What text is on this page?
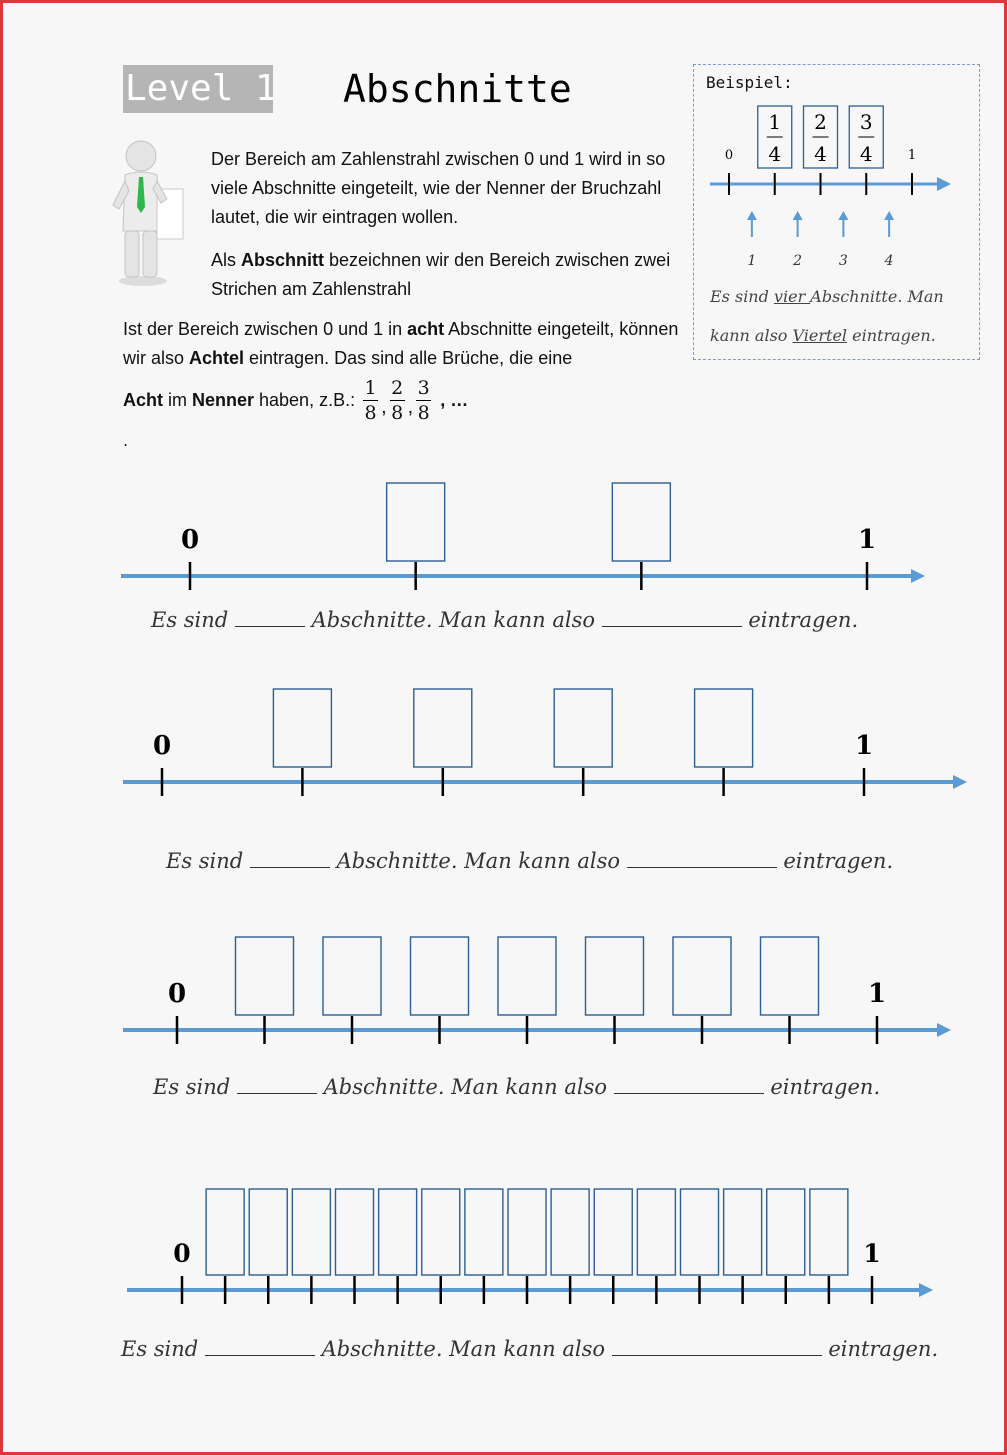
Level 1 Abschnitte

Der Bereich am Zahlenstrahl zwischen 0 und 1 wird in so viele Abschnitte eingeteilt, wie der Nenner der Bruchzahl lautet, die wir eintragen wollen.

Als Abschnitt bezeichnen wir den Bereich zwischen zwei Strichen am Zahlenstrahl

Ist der Bereich zwischen 0 und 1 in acht Abschnitte eingeteilt, können wir also Achtel eintragen. Das sind alle Brüche, die eine

Acht im Nenner haben, z.B.: $\frac{1}{8}$ , $\frac{2}{8}$ , $\frac{3}{8}$ , …
.
Beispiel:
0	1
1
4
2
4
3
4
1	2	3	4
Es sind vier Abschnitte. Man
kann also Viertel eintragen.
0	1
Es sind	Abschnitte. Man kann also	eintragen.
0	1
Es sind	Abschnitte. Man kann also	eintragen.
0	1
Es sind	Abschnitte. Man kann also	eintragen.
0	1
Es sind	Abschnitte. Man kann also	eintragen.
